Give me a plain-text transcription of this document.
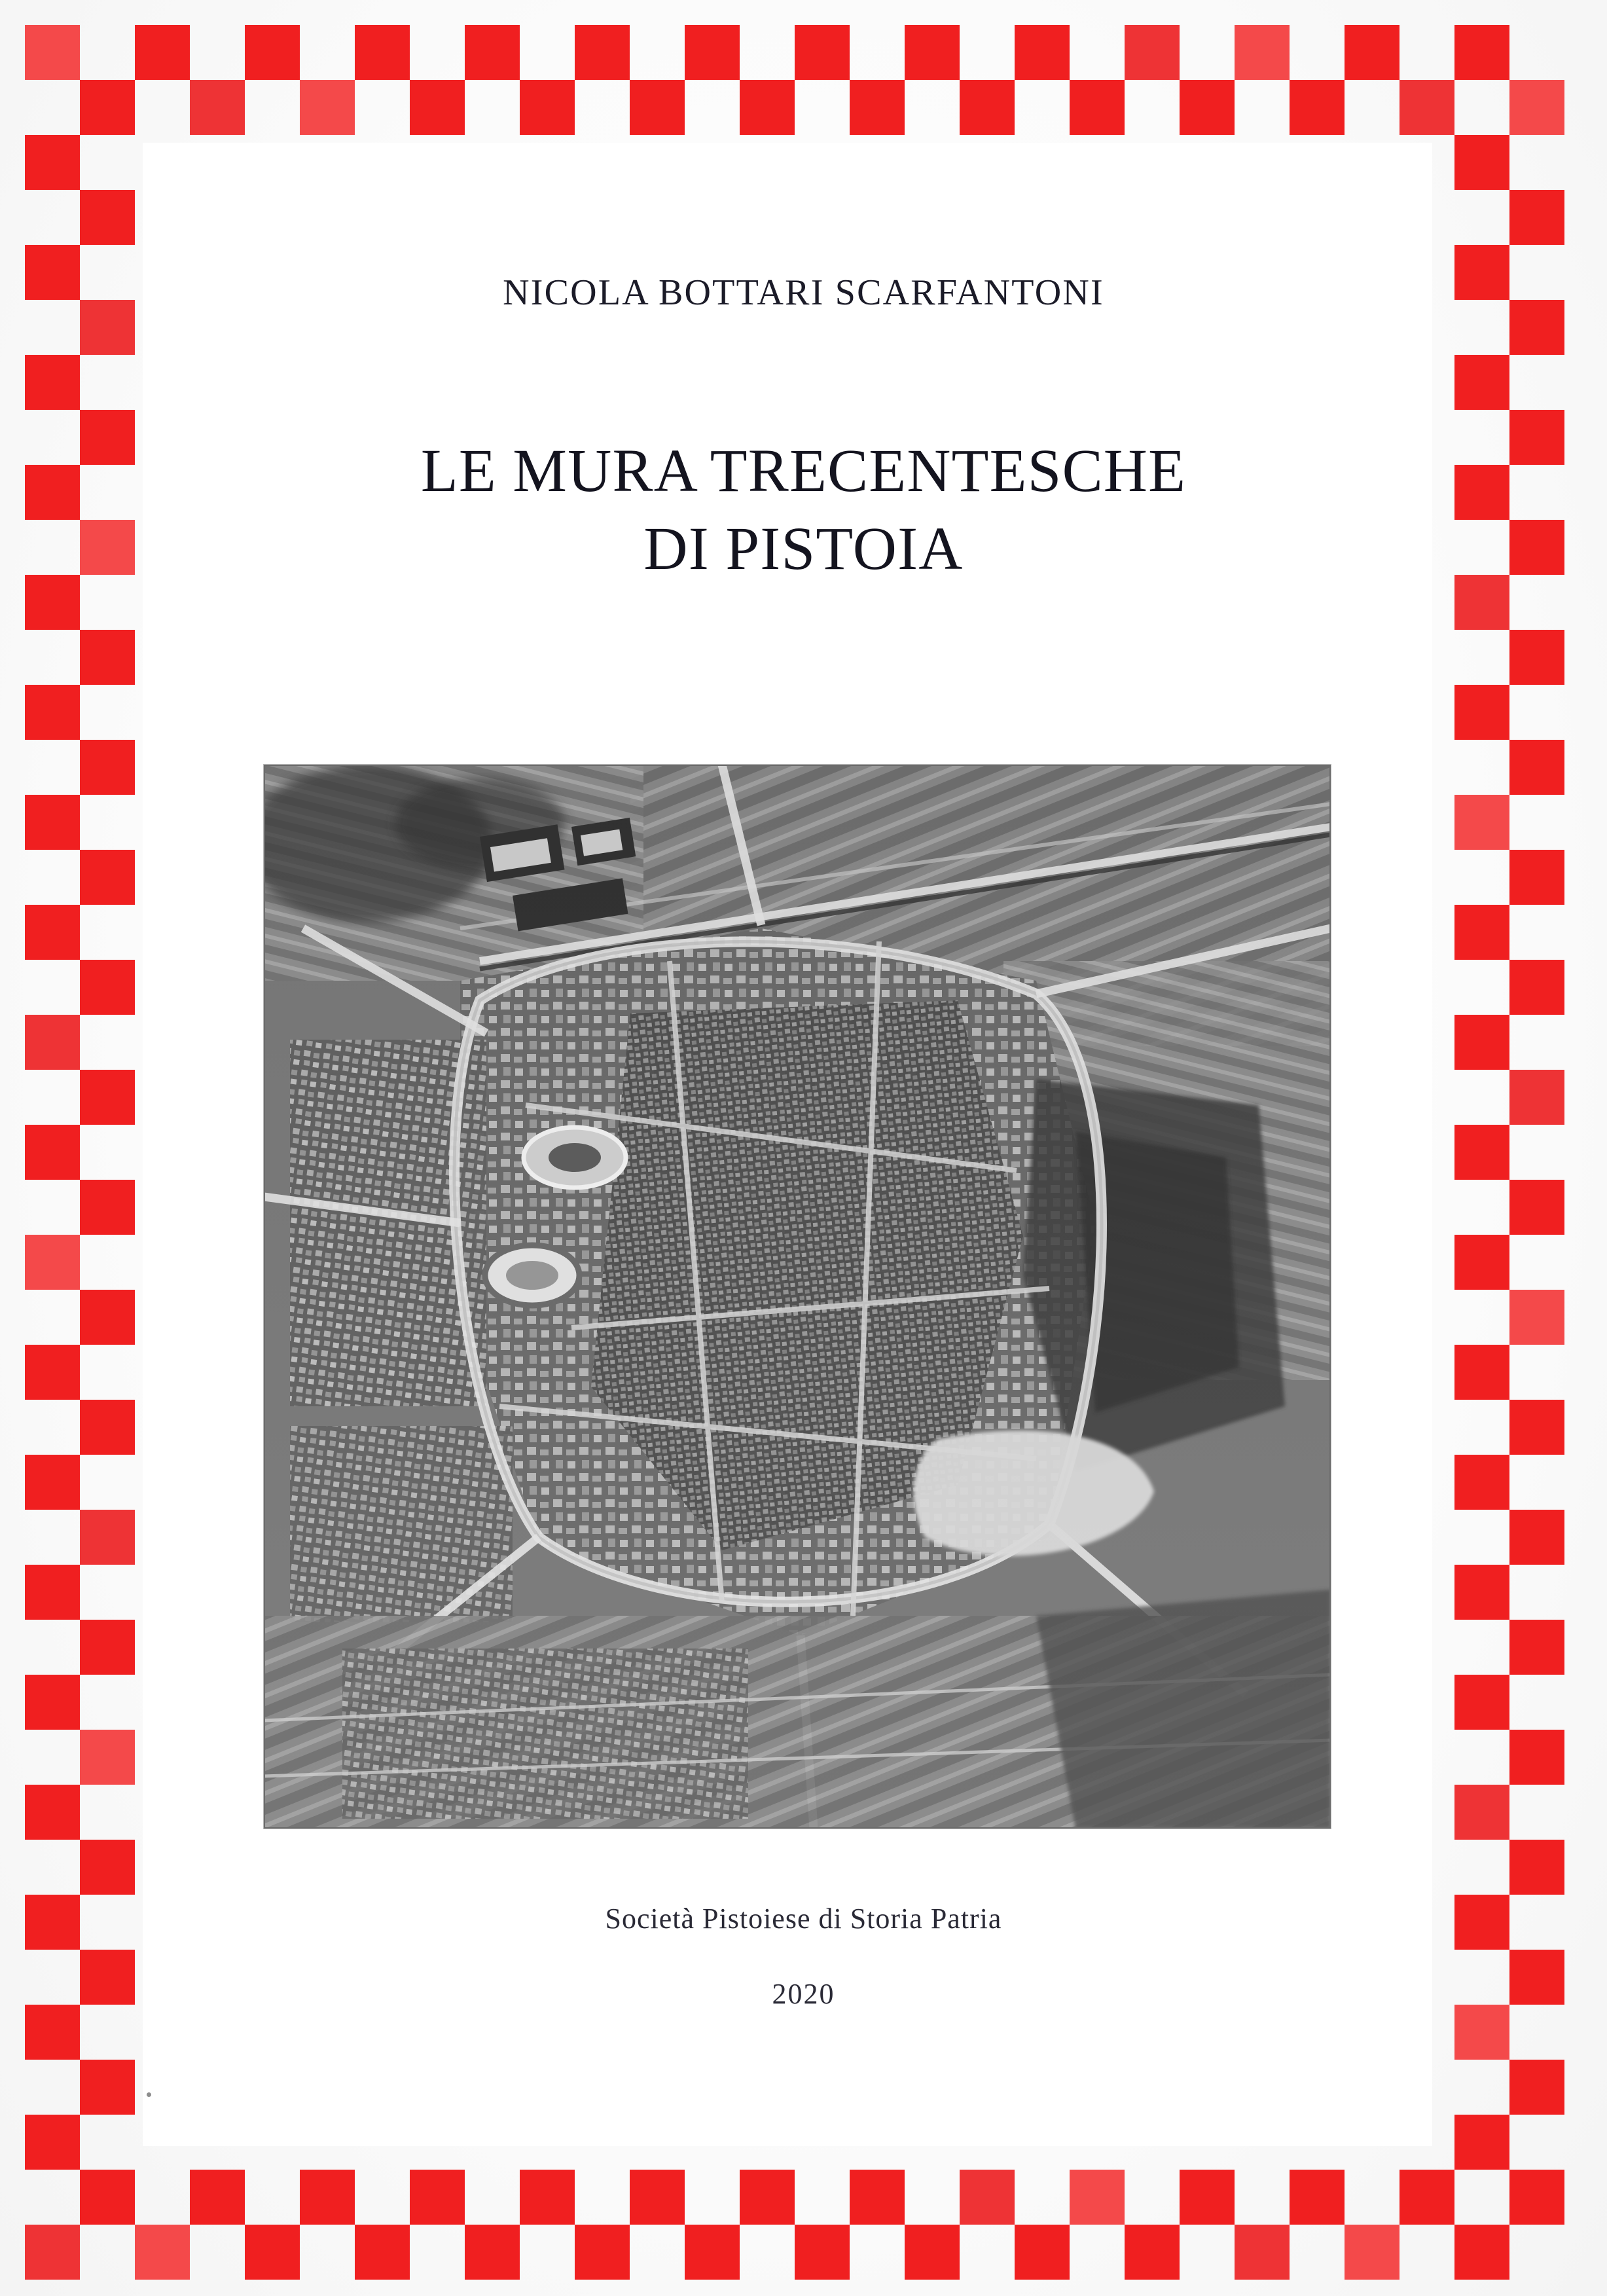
NICOLA BOTTARI SCARFANTONI
LE MURA TRECENTESCHE
DI PISTOIA
Società Pistoiese di Storia Patria
2020
